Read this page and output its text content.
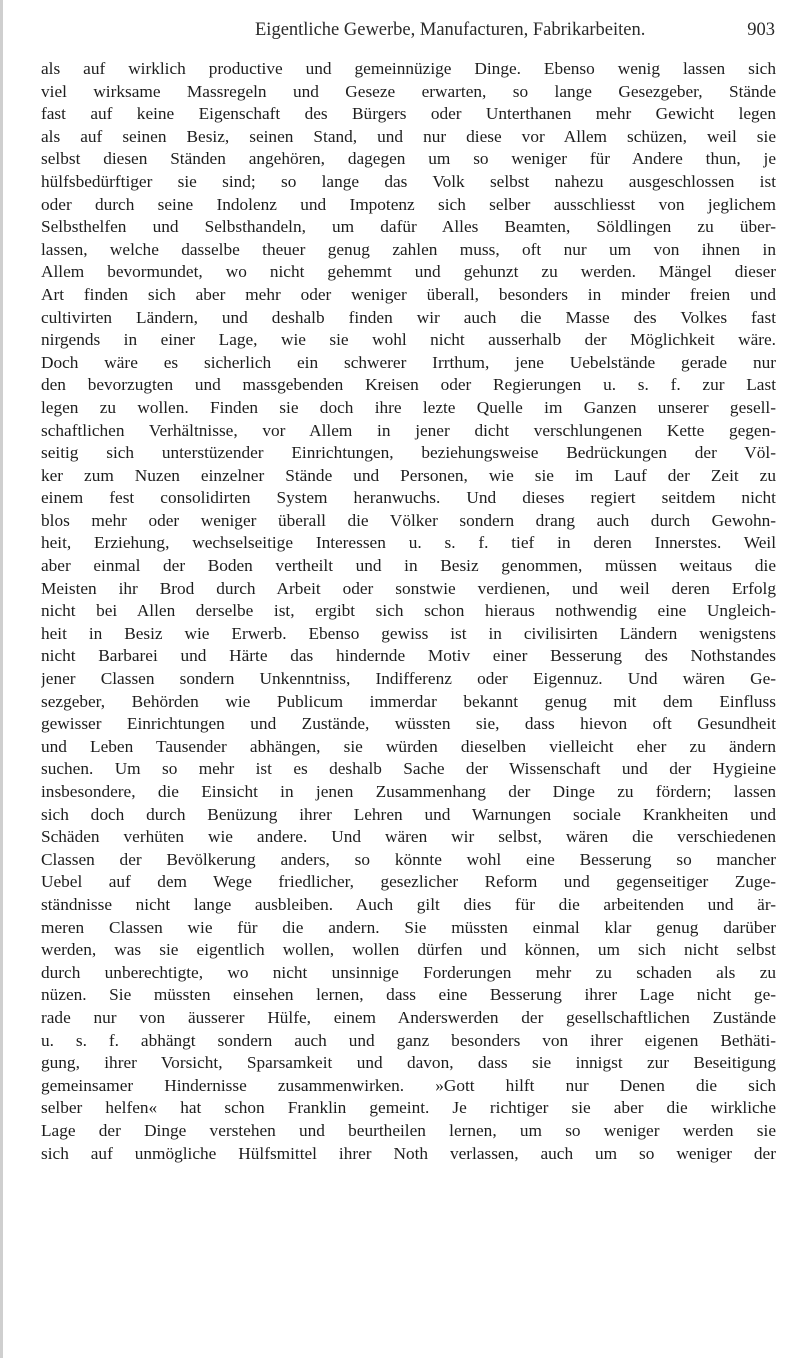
Eigentliche Gewerbe, Manufacturen, Fabrikarbeiten.	903
als auf wirklich productive und gemeinnüzige Dinge. Ebenso wenig lassen sich
viel wirksame Massregeln und Geseze erwarten, so lange Gesezgeber, Stände
fast auf keine Eigenschaft des Bürgers oder Unterthanen mehr Gewicht legen
als auf seinen Besiz, seinen Stand, und nur diese vor Allem schüzen, weil sie
selbst diesen Ständen angehören, dagegen um so weniger für Andere thun, je
hülfsbedürftiger sie sind; so lange das Volk selbst nahezu ausgeschlossen ist
oder durch seine Indolenz und Impotenz sich selber ausschliesst von jeglichem
Selbsthelfen und Selbsthandeln, um dafür Alles Beamten, Söldlingen zu über-
lassen, welche dasselbe theuer genug zahlen muss, oft nur um von ihnen in
Allem bevormundet, wo nicht gehemmt und gehunzt zu werden. Mängel dieser
Art finden sich aber mehr oder weniger überall, besonders in minder freien und
cultivirten Ländern, und deshalb finden wir auch die Masse des Volkes fast
nirgends in einer Lage, wie sie wohl nicht ausserhalb der Möglichkeit wäre.
Doch wäre es sicherlich ein schwerer Irrthum, jene Uebelstände gerade nur
den bevorzugten und massgebenden Kreisen oder Regierungen u. s. f. zur Last
legen zu wollen. Finden sie doch ihre lezte Quelle im Ganzen unserer gesell-
schaftlichen Verhältnisse, vor Allem in jener dicht verschlungenen Kette gegen-
seitig sich unterstüzender Einrichtungen, beziehungsweise Bedrückungen der Völ-
ker zum Nuzen einzelner Stände und Personen, wie sie im Lauf der Zeit zu
einem fest consolidirten System heranwuchs. Und dieses regiert seitdem nicht
blos mehr oder weniger überall die Völker sondern drang auch durch Gewohn-
heit, Erziehung, wechselseitige Interessen u. s. f. tief in deren Innerstes. Weil
aber einmal der Boden vertheilt und in Besiz genommen, müssen weitaus die
Meisten ihr Brod durch Arbeit oder sonstwie verdienen, und weil deren Erfolg
nicht bei Allen derselbe ist, ergibt sich schon hieraus nothwendig eine Ungleich-
heit in Besiz wie Erwerb. Ebenso gewiss ist in civilisirten Ländern wenigstens
nicht Barbarei und Härte das hindernde Motiv einer Besserung des Nothstandes
jener Classen sondern Unkenntniss, Indifferenz oder Eigennuz. Und wären Ge-
sezgeber, Behörden wie Publicum immerdar bekannt genug mit dem Einfluss
gewisser Einrichtungen und Zustände, wüssten sie, dass hievon oft Gesundheit
und Leben Tausender abhängen, sie würden dieselben vielleicht eher zu ändern
suchen. Um so mehr ist es deshalb Sache der Wissenschaft und der Hygieine
insbesondere, die Einsicht in jenen Zusammenhang der Dinge zu fördern; lassen
sich doch durch Benüzung ihrer Lehren und Warnungen sociale Krankheiten und
Schäden verhüten wie andere. Und wären wir selbst, wären die verschiedenen
Classen der Bevölkerung anders, so könnte wohl eine Besserung so mancher
Uebel auf dem Wege friedlicher, gesezlicher Reform und gegenseitiger Zuge-
ständnisse nicht lange ausbleiben. Auch gilt dies für die arbeitenden und är-
meren Classen wie für die andern. Sie müssten einmal klar genug darüber
werden, was sie eigentlich wollen, wollen dürfen und können, um sich nicht selbst
durch unberechtigte, wo nicht unsinnige Forderungen mehr zu schaden als zu
nüzen. Sie müssten einsehen lernen, dass eine Besserung ihrer Lage nicht ge-
rade nur von äusserer Hülfe, einem Anderswerden der gesellschaftlichen Zustände
u. s. f. abhängt sondern auch und ganz besonders von ihrer eigenen Bethäti-
gung, ihrer Vorsicht, Sparsamkeit und davon, dass sie innigst zur Beseitigung
gemeinsamer Hindernisse zusammenwirken. »Gott hilft nur Denen die sich
selber helfen« hat schon Franklin gemeint. Je richtiger sie aber die wirkliche
Lage der Dinge verstehen und beurtheilen lernen, um so weniger werden sie
sich auf unmögliche Hülfsmittel ihrer Noth verlassen, auch um so weniger der
